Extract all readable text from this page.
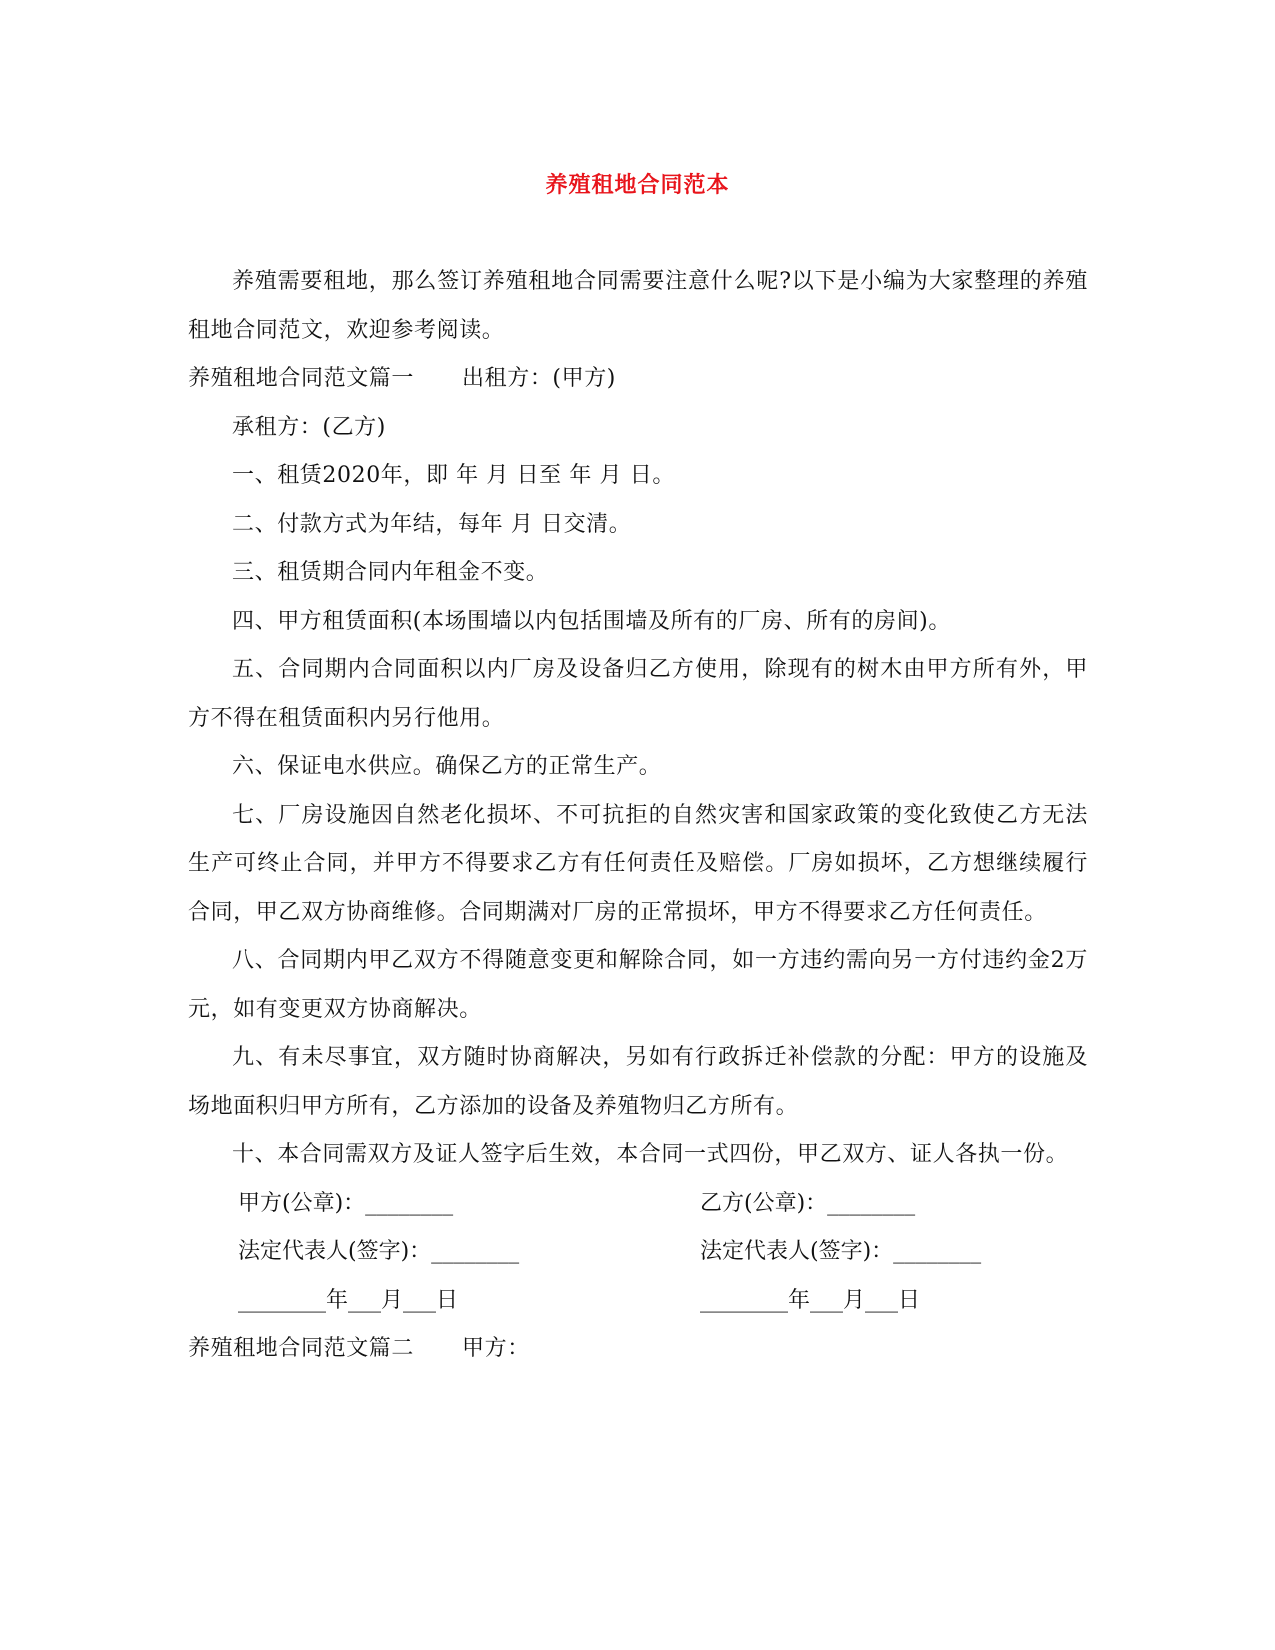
养殖租地合同范本

养殖需要租地，那么签订养殖租地合同需要注意什么呢?以下是小编为大家整理的养殖租地合同范文，欢迎参考阅读。

养殖租地合同范文篇一 出租方：(甲方)

承租方：(乙方)

一、租赁2020年，即 年 月 日至 年 月 日。

二、付款方式为年结，每年 月 日交清。

三、租赁期合同内年租金不变。

四、甲方租赁面积(本场围墙以内包括围墙及所有的厂房、所有的房间)。

五、合同期内合同面积以内厂房及设备归乙方使用，除现有的树木由甲方所有外，甲方不得在租赁面积内另行他用。

六、保证电水供应。确保乙方的正常生产。

七、厂房设施因自然老化损坏、不可抗拒的自然灾害和国家政策的变化致使乙方无法生产可终止合同，并甲方不得要求乙方有任何责任及赔偿。厂房如损坏，乙方想继续履行合同，甲乙双方协商维修。合同期满对厂房的正常损坏，甲方不得要求乙方任何责任。

八、合同期内甲乙双方不得随意变更和解除合同，如一方违约需向另一方付违约金2万元，如有变更双方协商解决。

九、有未尽事宜，双方随时协商解决，另如有行政拆迁补偿款的分配：甲方的设施及场地面积归甲方所有，乙方添加的设备及养殖物归乙方所有。

十、本合同需双方及证人签字后生效，本合同一式四份，甲乙双方、证人各执一份。

甲方(公章)：________	乙方(公章)：________
法定代表人(签字)：________	法定代表人(签字)：________
________年___月___日	________年___月___日

养殖租地合同范文篇二 甲方：
